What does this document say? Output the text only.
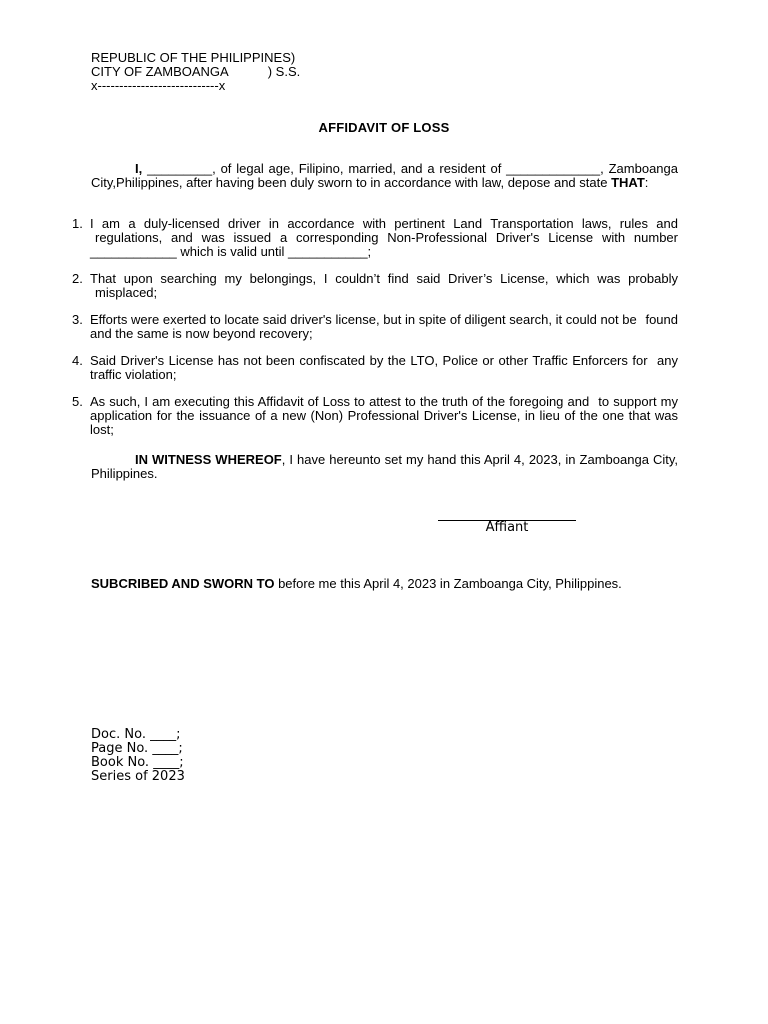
REPUBLIC OF THE PHILIPPINES)
CITY OF ZAMBOANGA           ) S.S.
x----------------------------x
AFFIDAVIT OF LOSS
I, _________, of legal age, Filipino, married, and a resident of _____________, Zamboanga City,Philippines, after having been duly sworn to in accordance with law, depose and state THAT:
1. I am a duly-licensed driver in accordance with pertinent Land Transportation laws, rules and regulations, and was issued a corresponding Non-Professional Driver's License with number ____________ which is valid until ___________;
2. That upon searching my belongings, I couldn’t find said Driver’s License, which was probably misplaced;
3. Efforts were exerted to locate said driver's license, but in spite of diligent search, it could not be found and the same is now beyond recovery;
4. Said Driver's License has not been confiscated by the LTO, Police or other Traffic Enforcers for any traffic violation;
5. As such, I am executing this Affidavit of Loss to attest to the truth of the foregoing and to support my application for the issuance of a new (Non) Professional Driver's License, in lieu of the one that was lost;
IN WITNESS WHEREOF, I have hereunto set my hand this April 4, 2023, in Zamboanga City, Philippines.
Affiant
SUBCRIBED AND SWORN TO before me this April 4, 2023 in Zamboanga City, Philippines.
Doc. No. ____;
Page No. ____;
Book No. ____;
Series of 2023
